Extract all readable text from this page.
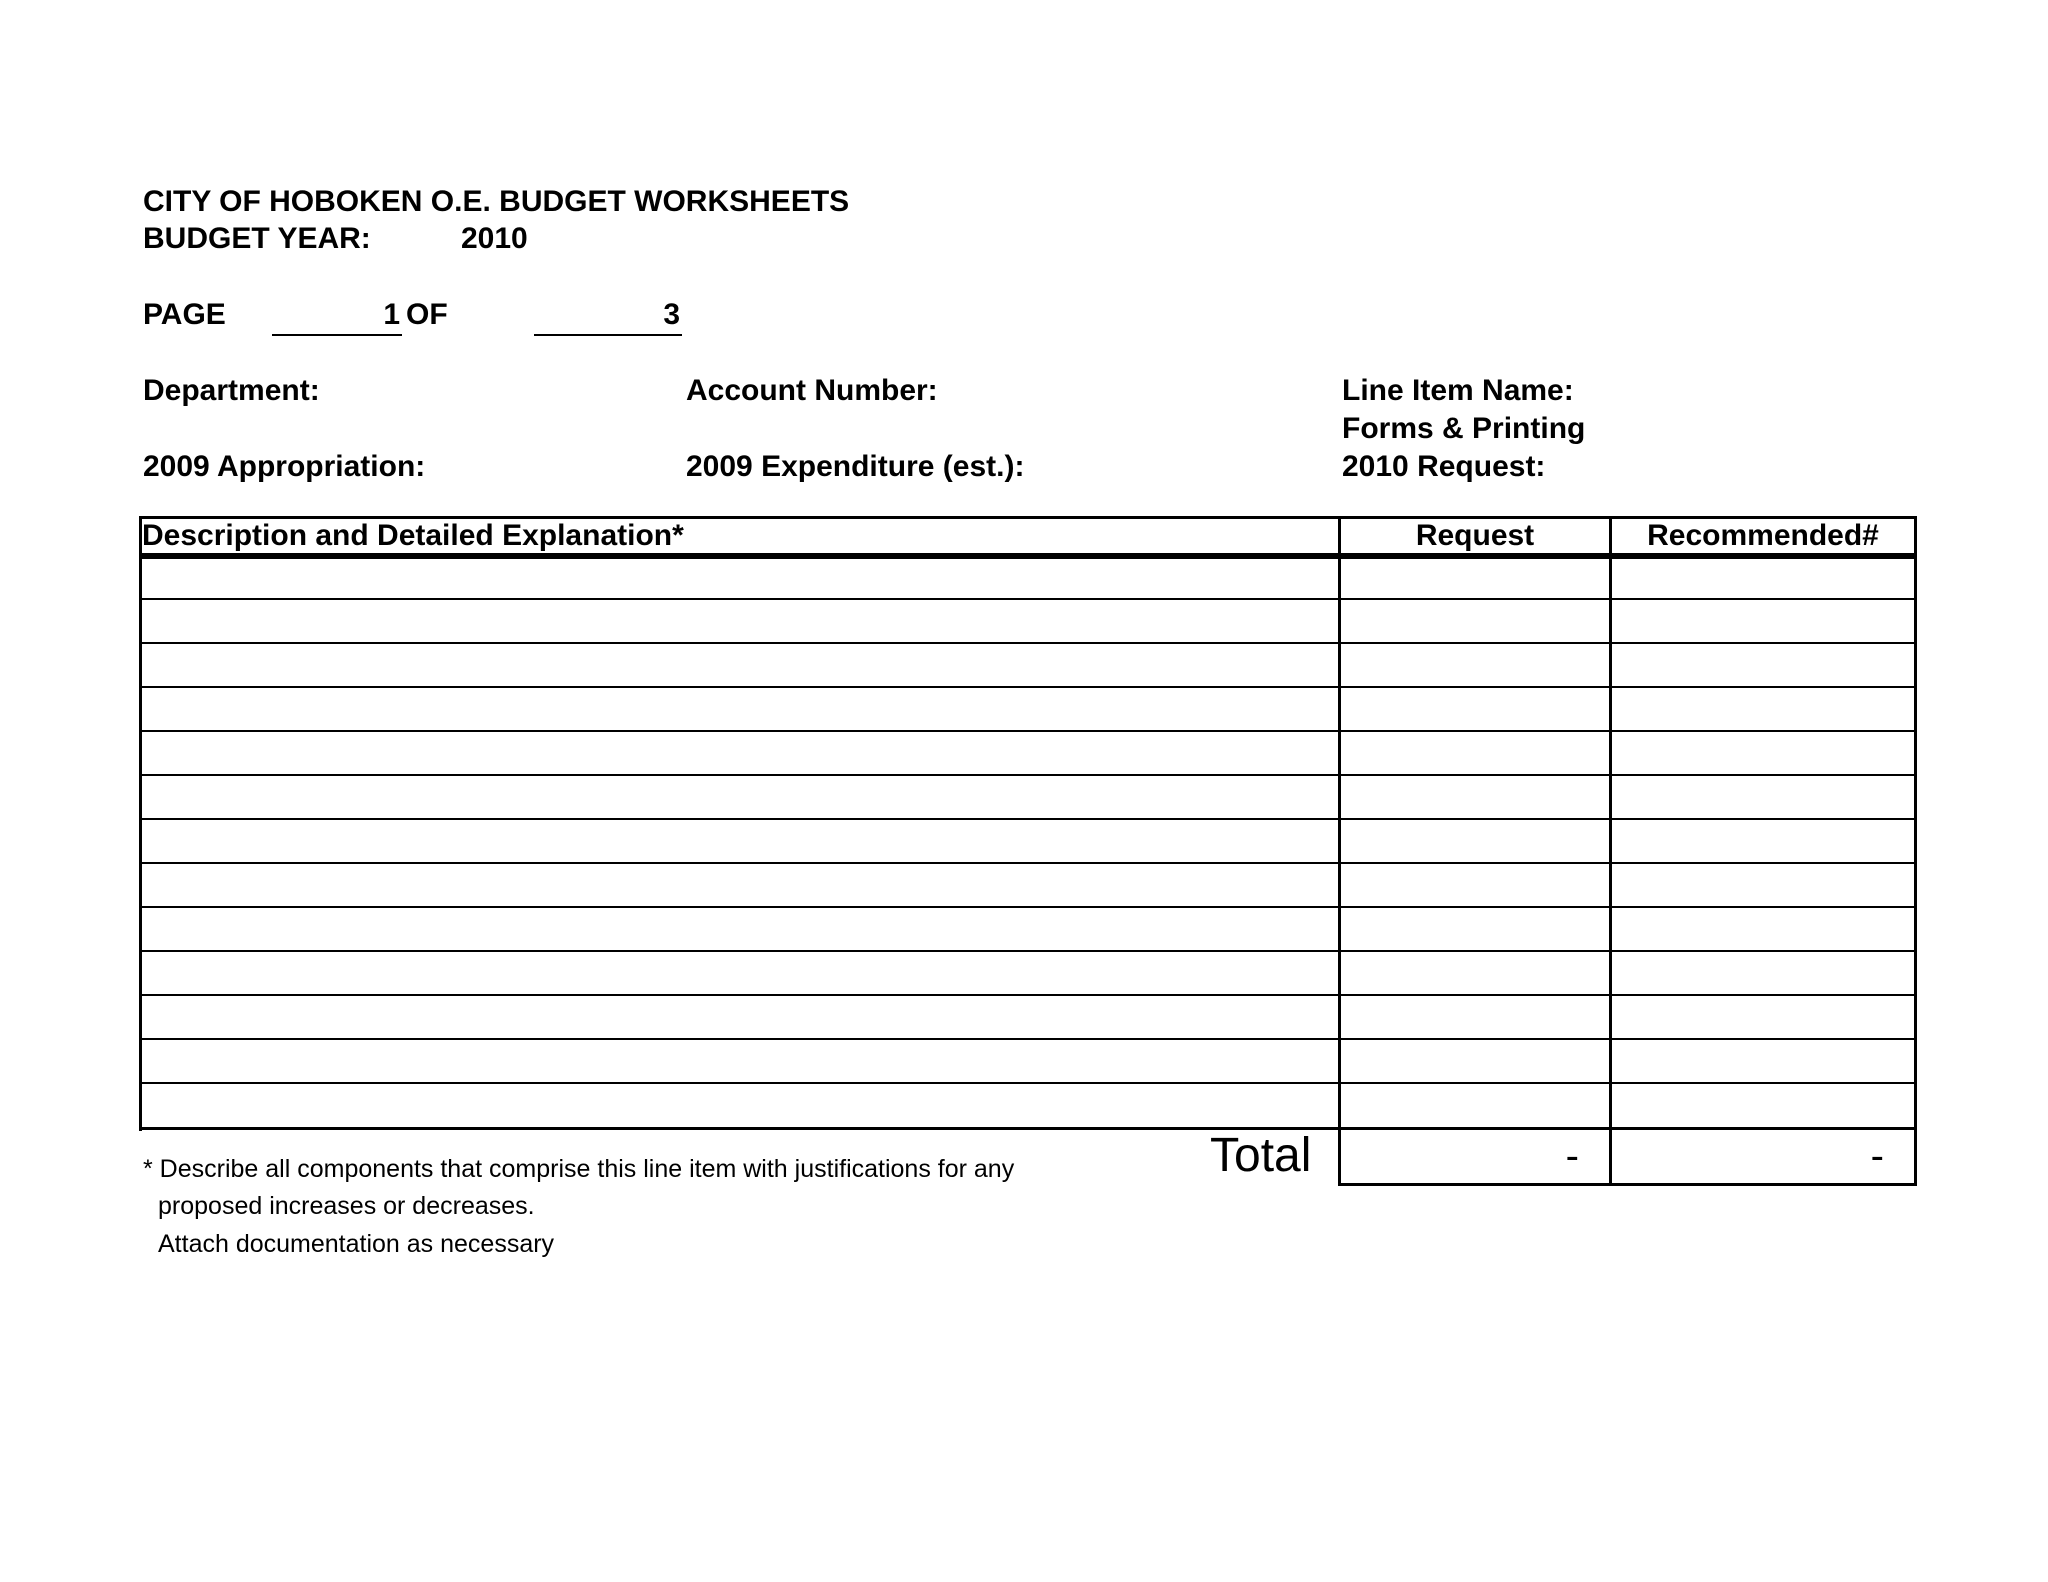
CITY OF HOBOKEN O.E. BUDGET WORKSHEETS
BUDGET YEAR:	2010
PAGE	1 OF	3
Department:	Account Number:	Line Item Name:
Forms & Printing
2009 Appropriation:	2009 Expenditure (est.):	2010 Request:
Description and Detailed Explanation*	Request	Recommended#
Total	-	-
* Describe all components that comprise this line item with justifications for any
proposed increases or decreases.
Attach documentation as necessary
